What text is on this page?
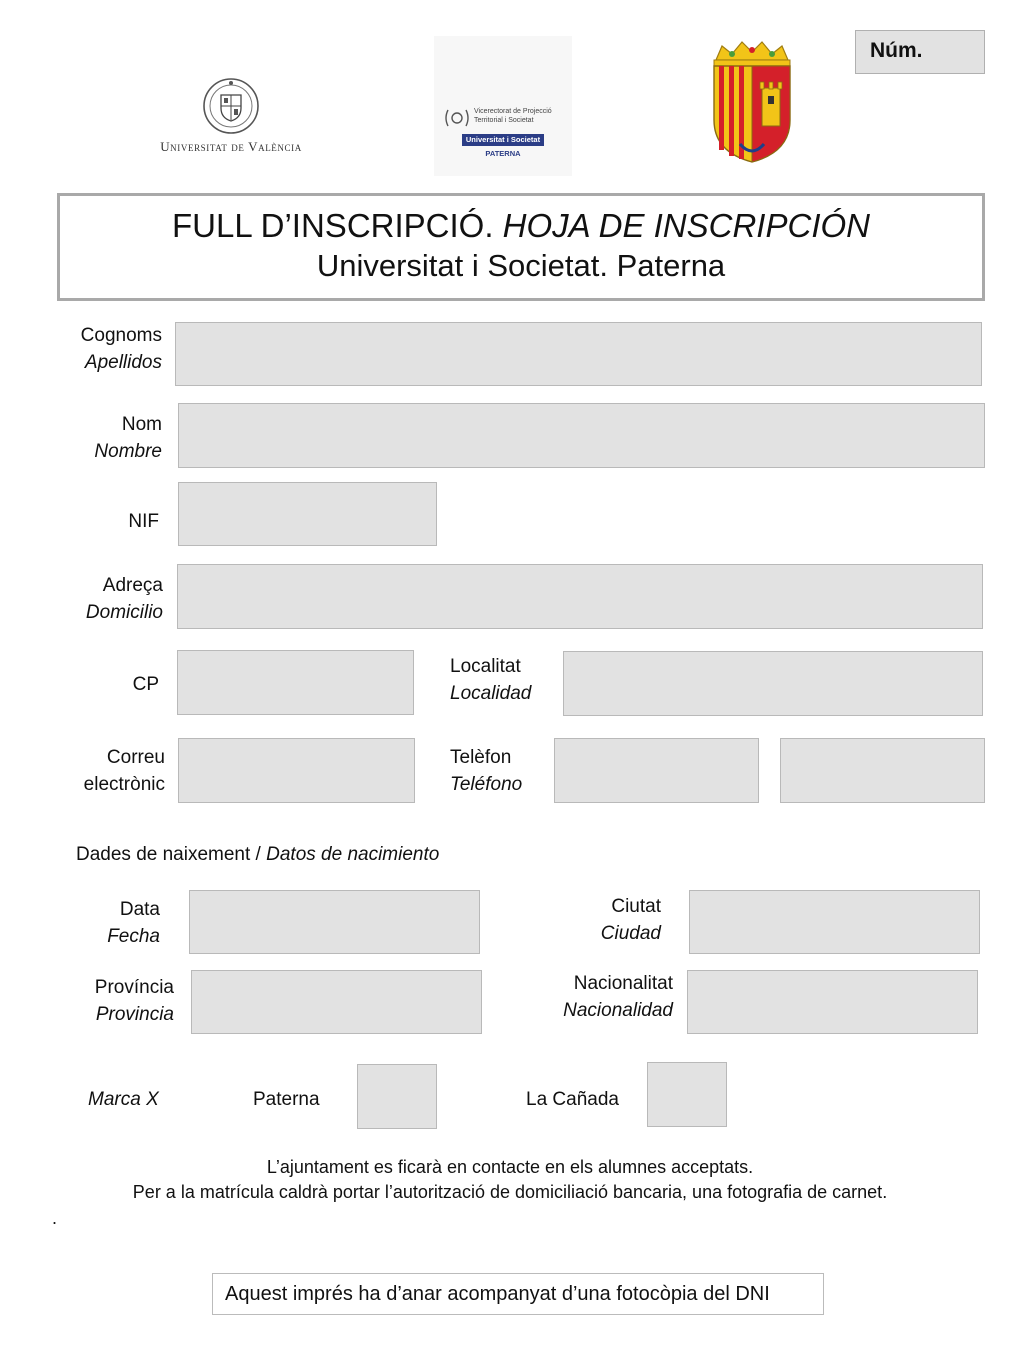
Núm.
Universitat de València
Vicerectorat de Projecció
Territorial i Societat
Universitat i Societat
PATERNA
FULL D’INSCRIPCIÓ. HOJA DE INSCRIPCIÓN
Universitat i Societat. Paterna
Cognoms
Apellidos
Nom
Nombre
NIF
Adreça
Domicilio
CP
Localitat
Localidad
Correu
electrònic
Telèfon
Teléfono
Dades de naixement / Datos de nacimiento
Data
Fecha
Ciutat
Ciudad
Província
Provincia
Nacionalitat
Nacionalidad
Marca X	Paterna	La Cañada
L’ajuntament es ficarà en contacte en els alumnes acceptats.
Per a la matrícula caldrà portar l’autorització de domiciliació bancaria, una fotografia de carnet.
.
Aquest imprés ha d’anar acompanyat d’una fotocòpia del DNI
